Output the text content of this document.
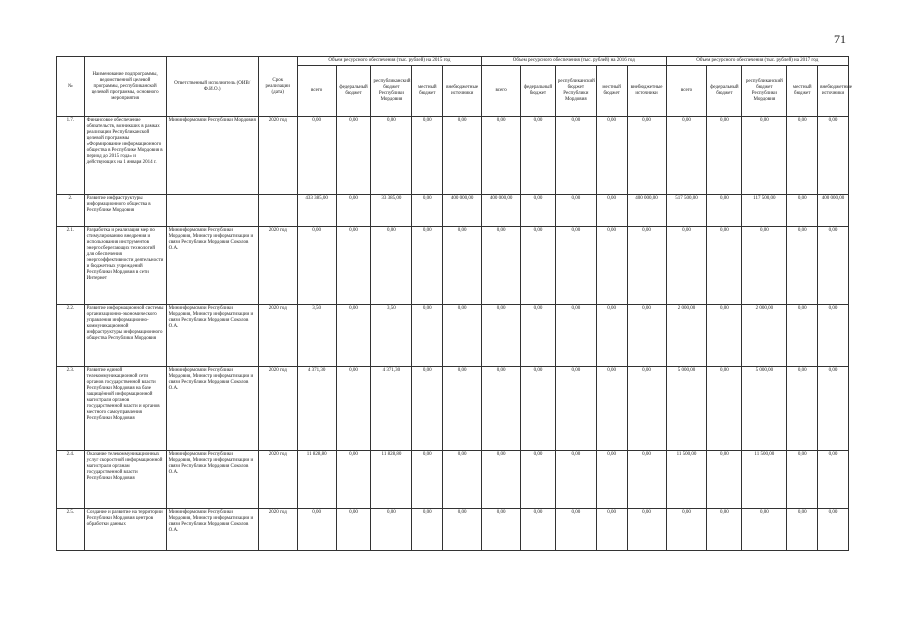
71
№	Наименование подпрограммы, ведомственной целевой программы, республиканской целевой программы, основного мероприятия	Ответственный исполнитель (ОИВ/Ф.И.О.)	Срок реализации (дата)	Объем ресурсного обеспечения (тыс. рублей) на 2015 год					Объем ресурсного обеспечения (тыс. рублей) на 2016 год					Объем ресурсного обеспечения (тыс. рублей) на 2017 год				
				всего	федеральный бюджет	республиканский бюджет Республики Мордовия	местный бюджет	внебюджетные источники	всего	федеральный бюджет	республиканский бюджет Республики Мордовия	местный бюджет	внебюджетные источники	всего	федеральный бюджет	республиканский бюджет Республики Мордовия	местный бюджет	внебюджетные источники
1.7.	Финансовое обеспечение обязательств, возникших в рамках реализации Республиканской целевой программы «Формирование информационного общества в Республике Мордовия в период до 2015 года» и действующих на 1 января 2014 г.	Мининформсвязи Республики Мордовия	2020 год	0,00	0,00	0,00	0,00	0,00	0,00	0,00	0,00	0,00	0,00	0,00	0,00	0,00	0,00	0,00
2.	Развитие инфраструктуры информационного общества в Республике Мордовия			433 385,00	0,00	33 385,00	0,00	400 000,00	400 000,00	0,00	0,00	0,00	400 000,00	517 500,00	0,00	117 500,00	0,00	400 000,00
2.1.	Разработка и реализация мер по стимулированию внедрения и использования инструментов энергосберегающих технологий для обеспечения энергоэффективности деятельности и бюджетных учреждений Республики Мордовия в сети Интернет	Мининформсвязи Республики Мордовия, Министр информатизации и связи Республики Мордовия Соколов О.А.	2020 год	0,00	0,00	0,00	0,00	0,00	0,00	0,00	0,00	0,00	0,00	0,00	0,00	0,00	0,00	0,00
2.2.	Развитие информационной системы организационно-экономического управления информационно-коммуникационной инфраструктуры информационного общества Республики Мордовия	Мининформсвязи Республики Мордовия, Министр информатизации и связи Республики Мордовия Соколов О.А.	2020 год	3,50	0,00	3,50	0,00	0,00	0,00	0,00	0,00	0,00	0,00	2 000,00	0,00	2 000,00	0,00	0,00
2.3.	Развитие единой телекоммуникационной сети органов государственной власти Республики Мордовия на базе защищённой информационной магистрали органов государственной власти и органов местного самоуправления Республики Мордовия	Мининформсвязи Республики Мордовия, Министр информатизации и связи Республики Мордовия Соколов О.А.	2020 год	4 371,30	0,00	4 371,30	0,00	0,00	0,00	0,00	0,00	0,00	0,00	5 000,00	0,00	5 000,00	0,00	0,00
2.4.	Оказание телекоммуникационных услуг скоростной информационной магистрали органам государственной власти Республики Мордовия	Мининформсвязи Республики Мордовия, Министр информатизации и связи Республики Мордовия Соколов О.А.	2020 год	11 828,80	0,00	11 828,80	0,00	0,00	0,00	0,00	0,00	0,00	0,00	11 500,00	0,00	11 500,00	0,00	0,00
2.5.	Создание и развитие на территории Республики Мордовия центров обработки данных	Мининформсвязи Республики Мордовия, Министр информатизации и связи Республики Мордовия Соколов О.А.	2020 год	0,00	0,00	0,00	0,00	0,00	0,00	0,00	0,00	0,00	0,00	0,00	0,00	0,00	0,00	0,00
